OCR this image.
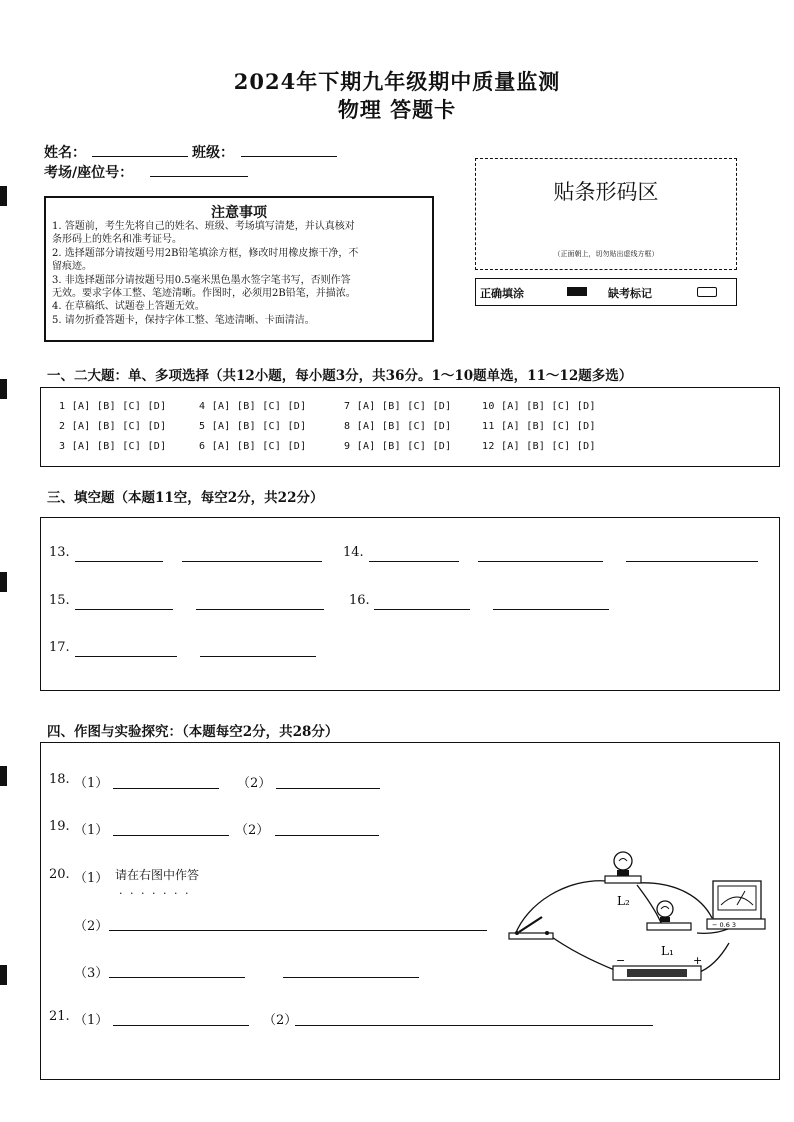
2024年下期九年级期中质量监测
物理 答题卡
姓名：	班级：
考场/座位号：
注意事项
1. 答题前，考生先将自己的姓名、班级、考场填写清楚，并认真核对
条形码上的姓名和准考证号。
2. 选择题部分请按题号用2B铅笔填涂方框，修改时用橡皮擦干净，不
留痕迹。
3. 非选择题部分请按题号用0.5毫米黑色墨水签字笔书写，否则作答
无效。要求字体工整、笔迹清晰。作图时，必须用2B铅笔，并描浓。
4. 在草稿纸、试题卷上答题无效。
5. 请勿折叠答题卡，保持字体工整、笔迹清晰、卡面清洁。
贴条形码区
（正面朝上，切勿贴出虚线方框）
正确填涂	缺考标记
一、二大题：单、多项选择（共12小题，每小题3分，共36分。1～10题单选，11～12题多选）
1 [A] [B] [C] [D]	4 [A] [B] [C] [D]	7 [A] [B] [C] [D]	10 [A] [B] [C] [D]
2 [A] [B] [C] [D]	5 [A] [B] [C] [D]	8 [A] [B] [C] [D]	11 [A] [B] [C] [D]
3 [A] [B] [C] [D]	6 [A] [B] [C] [D]	9 [A] [B] [C] [D]	12 [A] [B] [C] [D]
三、填空题（本题11空，每空2分，共22分）
13.	14.
15.	16.
17.
四、作图与实验探究：（本题每空2分，共28分）
18. （1）	（2）
19. （1）	（2）
20. （1） 请在右图中作答
. . . . . . .
（2）
（3）
21. （1）	（2）
L₂
L₁
−	+
− 0.6 3
